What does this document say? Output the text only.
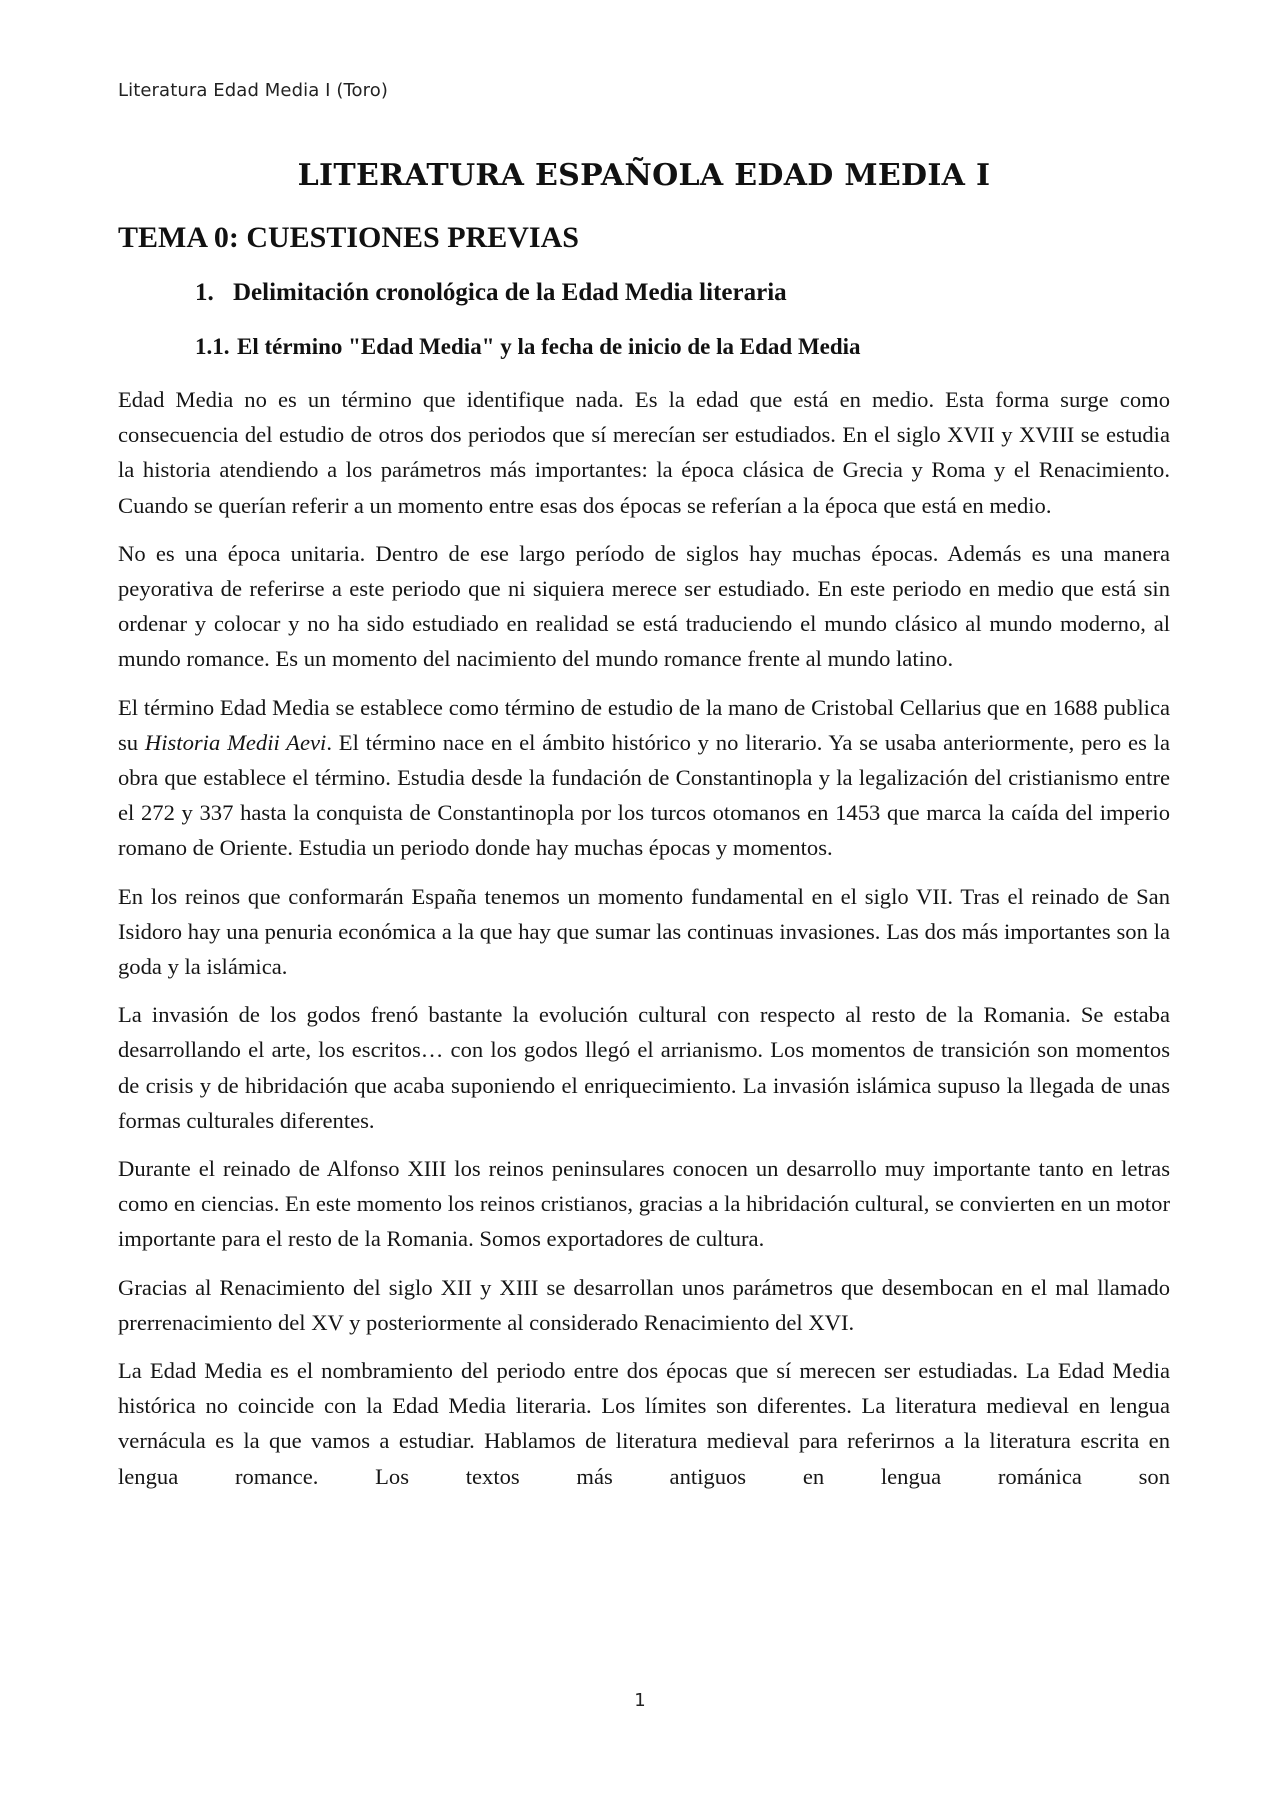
Literatura Edad Media I (Toro)
LITERATURA ESPAÑOLA EDAD MEDIA I
TEMA 0: CUESTIONES PREVIAS
1. Delimitación cronológica de la Edad Media literaria
1.1. El término "Edad Media" y la fecha de inicio de la Edad Media

Edad Media no es un término que identifique nada. Es la edad que está en medio. Esta forma surge como consecuencia del estudio de otros dos periodos que sí merecían ser estudiados. En el siglo XVII y XVIII se estudia la historia atendiendo a los parámetros más importantes: la época clásica de Grecia y Roma y el Renacimiento. Cuando se querían referir a un momento entre esas dos épocas se referían a la época que está en medio.

No es una época unitaria. Dentro de ese largo período de siglos hay muchas épocas. Además es una manera peyorativa de referirse a este periodo que ni siquiera merece ser estudiado. En este periodo en medio que está sin ordenar y colocar y no ha sido estudiado en realidad se está traduciendo el mundo clásico al mundo moderno, al mundo romance. Es un momento del nacimiento del mundo romance frente al mundo latino.

El término Edad Media se establece como término de estudio de la mano de Cristobal Cellarius que en 1688 publica su Historia Medii Aevi. El término nace en el ámbito histórico y no literario. Ya se usaba anteriormente, pero es la obra que establece el término. Estudia desde la fundación de Constantinopla y la legalización del cristianismo entre el 272 y 337 hasta la conquista de Constantinopla por los turcos otomanos en 1453 que marca la caída del imperio romano de Oriente. Estudia un periodo donde hay muchas épocas y momentos.

En los reinos que conformarán España tenemos un momento fundamental en el siglo VII. Tras el reinado de San Isidoro hay una penuria económica a la que hay que sumar las continuas invasiones. Las dos más importantes son la goda y la islámica.

La invasión de los godos frenó bastante la evolución cultural con respecto al resto de la Romania. Se estaba desarrollando el arte, los escritos… con los godos llegó el arrianismo. Los momentos de transición son momentos de crisis y de hibridación que acaba suponiendo el enriquecimiento. La invasión islámica supuso la llegada de unas formas culturales diferentes.

Durante el reinado de Alfonso XIII los reinos peninsulares conocen un desarrollo muy importante tanto en letras como en ciencias. En este momento los reinos cristianos, gracias a la hibridación cultural, se convierten en un motor importante para el resto de la Romania. Somos exportadores de cultura.

Gracias al Renacimiento del siglo XII y XIII se desarrollan unos parámetros que desembocan en el mal llamado prerrenacimiento del XV y posteriormente al considerado Renacimiento del XVI.

La Edad Media es el nombramiento del periodo entre dos épocas que sí merecen ser estudiadas. La Edad Media histórica no coincide con la Edad Media literaria. Los límites son diferentes. La literatura medieval en lengua vernácula es la que vamos a estudiar. Hablamos de literatura medieval para referirnos a la literatura escrita en lengua romance. Los textos más antiguos en lengua románica son

1
